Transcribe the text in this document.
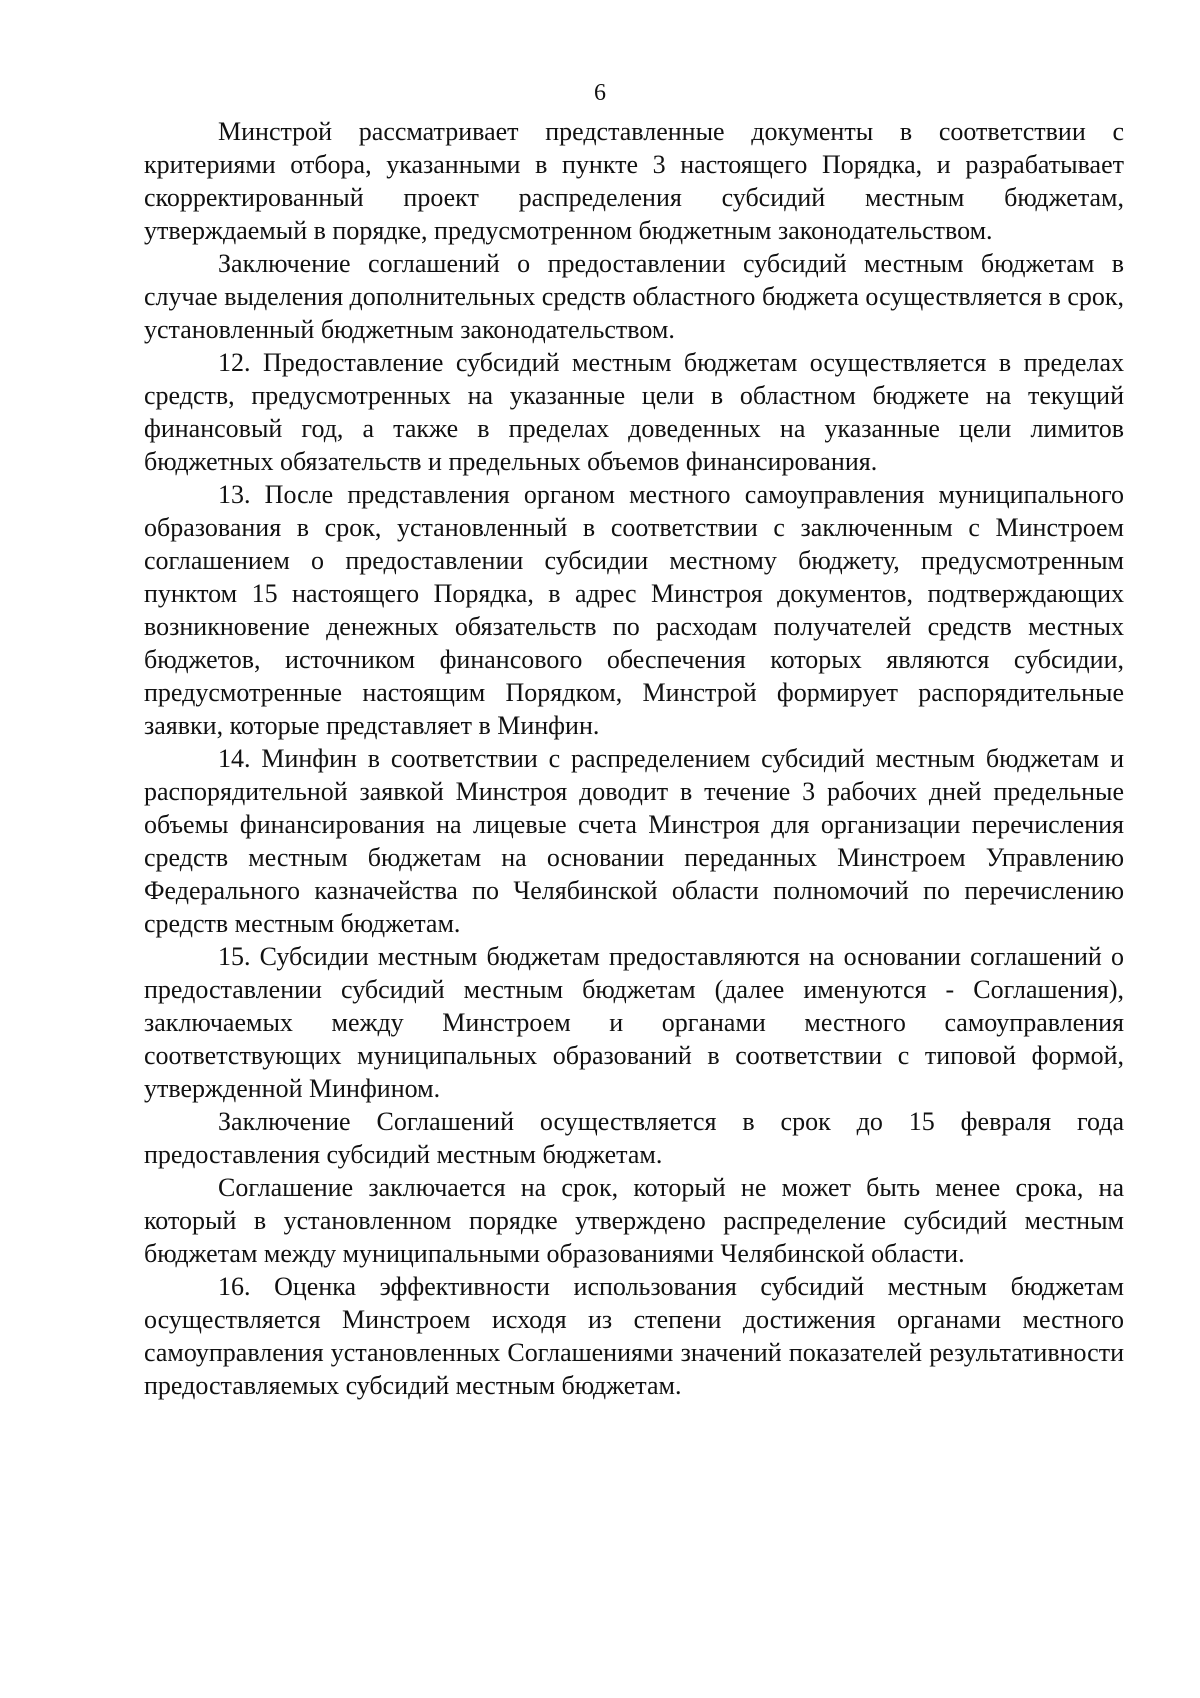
6

Минстрой рассматривает представленные документы в соответствии с критериями отбора, указанными в пункте 3 настоящего Порядка, и разрабатывает скорректированный проект распределения субсидий местным бюджетам, утверждаемый в порядке, предусмотренном бюджетным законодательством.

Заключение соглашений о предоставлении субсидий местным бюджетам в случае выделения дополнительных средств областного бюджета осуществляется в срок, установленный бюджетным законодательством.

12. Предоставление субсидий местным бюджетам осуществляется в пределах средств, предусмотренных на указанные цели в областном бюджете на текущий финансовый год, а также в пределах доведенных на указанные цели лимитов бюджетных обязательств и предельных объемов финансирования.

13. После представления органом местного самоуправления муниципального образования в срок, установленный в соответствии с заключенным с Минстроем соглашением о предоставлении субсидии местному бюджету, предусмотренным пунктом 15 настоящего Порядка, в адрес Минстроя документов, подтверждающих возникновение денежных обязательств по расходам получателей средств местных бюджетов, источником финансового обеспечения которых являются субсидии, предусмотренные настоящим Порядком, Минстрой формирует распорядительные заявки, которые представляет в Минфин.

14. Минфин в соответствии с распределением субсидий местным бюджетам и распорядительной заявкой Минстроя доводит в течение 3 рабочих дней предельные объемы финансирования на лицевые счета Минстроя для организации перечисления средств местным бюджетам на основании переданных Минстроем Управлению Федерального казначейства по Челябинской области полномочий по перечислению средств местным бюджетам.

15. Субсидии местным бюджетам предоставляются на основании соглашений о предоставлении субсидий местным бюджетам (далее именуются - Соглашения), заключаемых между Минстроем и органами местного самоуправления соответствующих муниципальных образований в соответствии с типовой формой, утвержденной Минфином.

Заключение Соглашений осуществляется в срок до 15 февраля года предоставления субсидий местным бюджетам.

Соглашение заключается на срок, который не может быть менее срока, на который в установленном порядке утверждено распределение субсидий местным бюджетам между муниципальными образованиями Челябинской области.

16. Оценка эффективности использования субсидий местным бюджетам осуществляется Минстроем исходя из степени достижения органами местного самоуправления установленных Соглашениями значений показателей результативности предоставляемых субсидий местным бюджетам.
